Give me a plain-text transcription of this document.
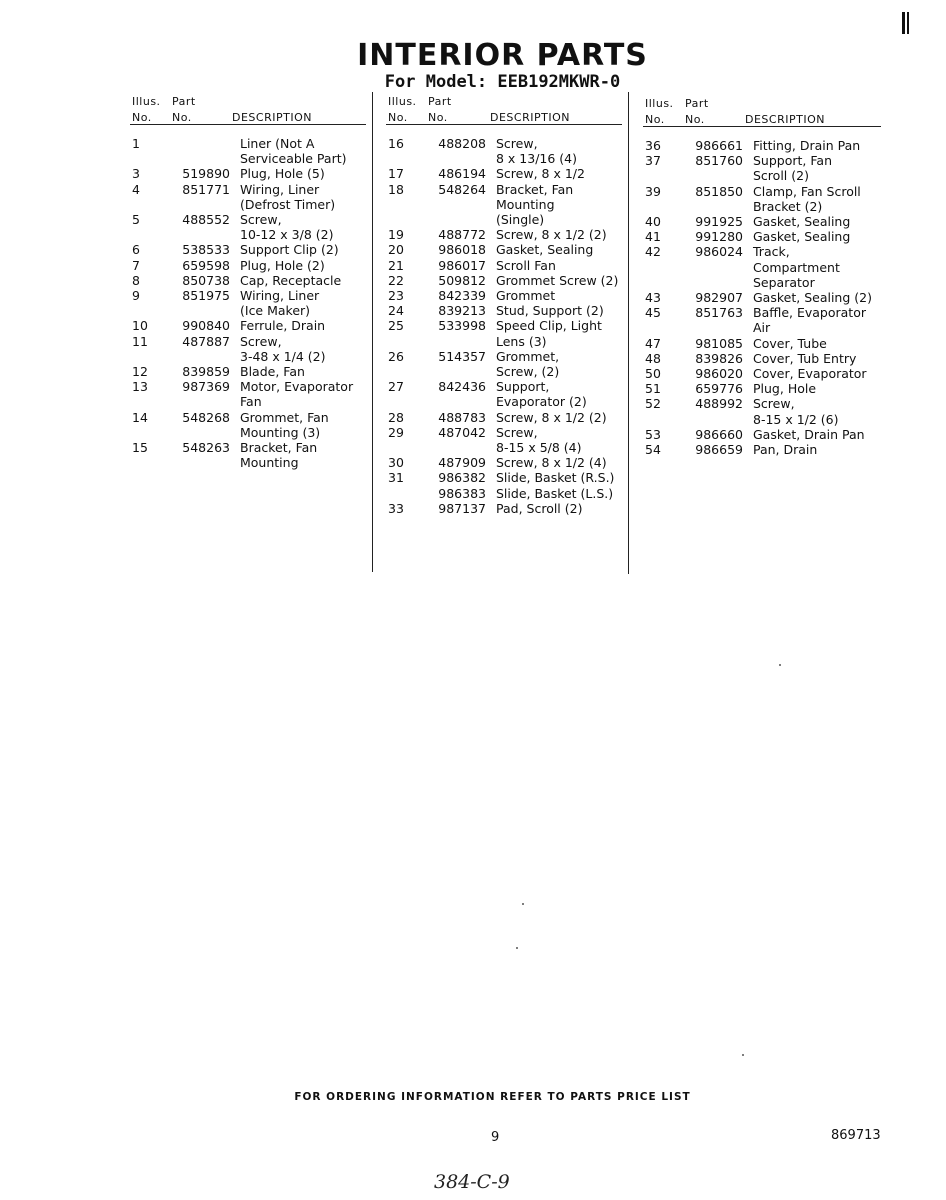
INTERIOR PARTS
For Model: EEB192MKWR-0
Illus. Part
No. No.	DESCRIPTION
1	Liner (Not A
Serviceable Part)
3	519890 Plug, Hole (5)
4	851771 Wiring, Liner
(Defrost Timer)
5	488552 Screw,
10-12 x 3/8 (2)
6	538533 Support Clip (2)
7	659598 Plug, Hole (2)
8	850738 Cap, Receptacle
9	851975 Wiring, Liner
(Ice Maker)
10	990840 Ferrule, Drain
11	487887 Screw,
3-48 x 1/4 (2)
12	839859 Blade, Fan
13	987369 Motor, Evaporator
Fan
14	548268 Grommet, Fan
Mounting (3)
15	548263 Bracket, Fan
Mounting
Illus. Part
No. No.	DESCRIPTION
16	488208 Screw,
8 x 13/16 (4)
17	486194 Screw, 8 x 1/2
18	548264 Bracket, Fan
Mounting
(Single)
19	488772 Screw, 8 x 1/2 (2)
20	986018 Gasket, Sealing
21	986017 Scroll Fan
22	509812 Grommet Screw (2)
23	842339 Grommet
24	839213 Stud, Support (2)
25	533998 Speed Clip, Light
Lens (3)
26	514357 Grommet,
Screw, (2)
27	842436 Support,
Evaporator (2)
28	488783 Screw, 8 x 1/2 (2)
29	487042 Screw,
8-15 x 5/8 (4)
30	487909 Screw, 8 x 1/2 (4)
31	986382 Slide, Basket (R.S.)
986383 Slide, Basket (L.S.)
33	987137 Pad, Scroll (2)
Illus. Part
No. No.	DESCRIPTION
36	986661 Fitting, Drain Pan
37	851760 Support, Fan
Scroll (2)
39	851850 Clamp, Fan Scroll
Bracket (2)
40	991925 Gasket, Sealing
41	991280 Gasket, Sealing
42	986024 Track,
Compartment
Separator
43	982907 Gasket, Sealing (2)
45	851763 Baffle, Evaporator
Air
47	981085 Cover, Tube
48	839826 Cover, Tub Entry
50	986020 Cover, Evaporator
51	659776 Plug, Hole
52	488992 Screw,
8-15 x 1/2 (6)
53	986660 Gasket, Drain Pan
54	986659 Pan, Drain
FOR ORDERING INFORMATION REFER TO PARTS PRICE LIST
9	869713
384-C-9
